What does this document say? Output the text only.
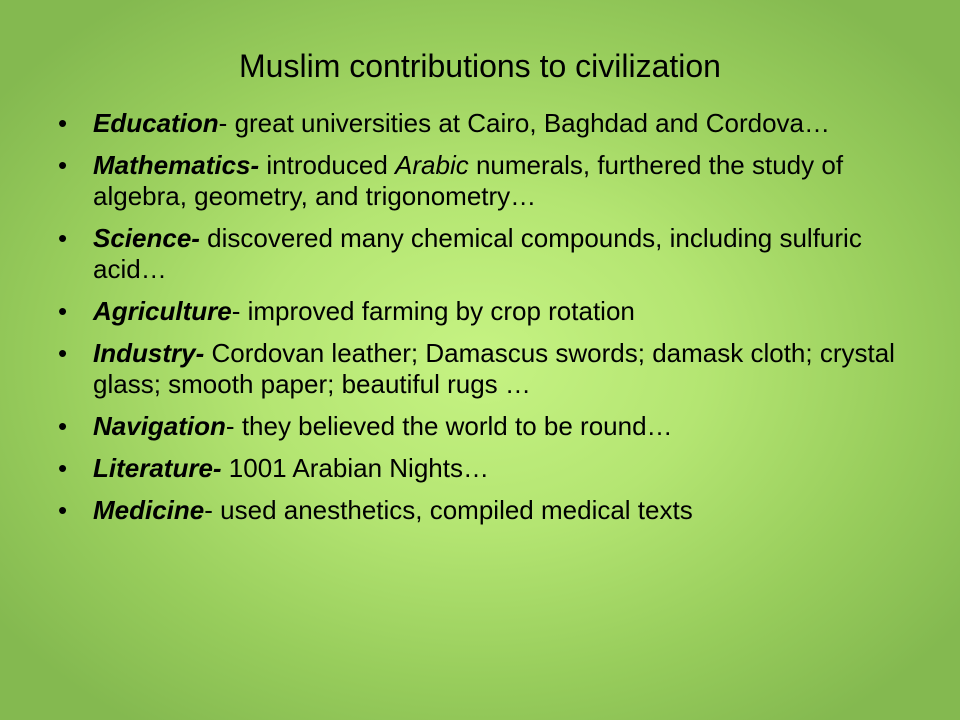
Muslim contributions to civilization
• Education- great universities at Cairo, Baghdad and Cordova…
• Mathematics- introduced Arabic numerals, furthered the study of algebra, geometry, and trigonometry…
• Science- discovered many chemical compounds, including sulfuric acid…
• Agriculture- improved farming by crop rotation
• Industry- Cordovan leather; Damascus swords; damask cloth; crystal glass; smooth paper; beautiful rugs …
• Navigation- they believed the world to be round…
• Literature- 1001 Arabian Nights…
• Medicine- used anesthetics, compiled medical texts
